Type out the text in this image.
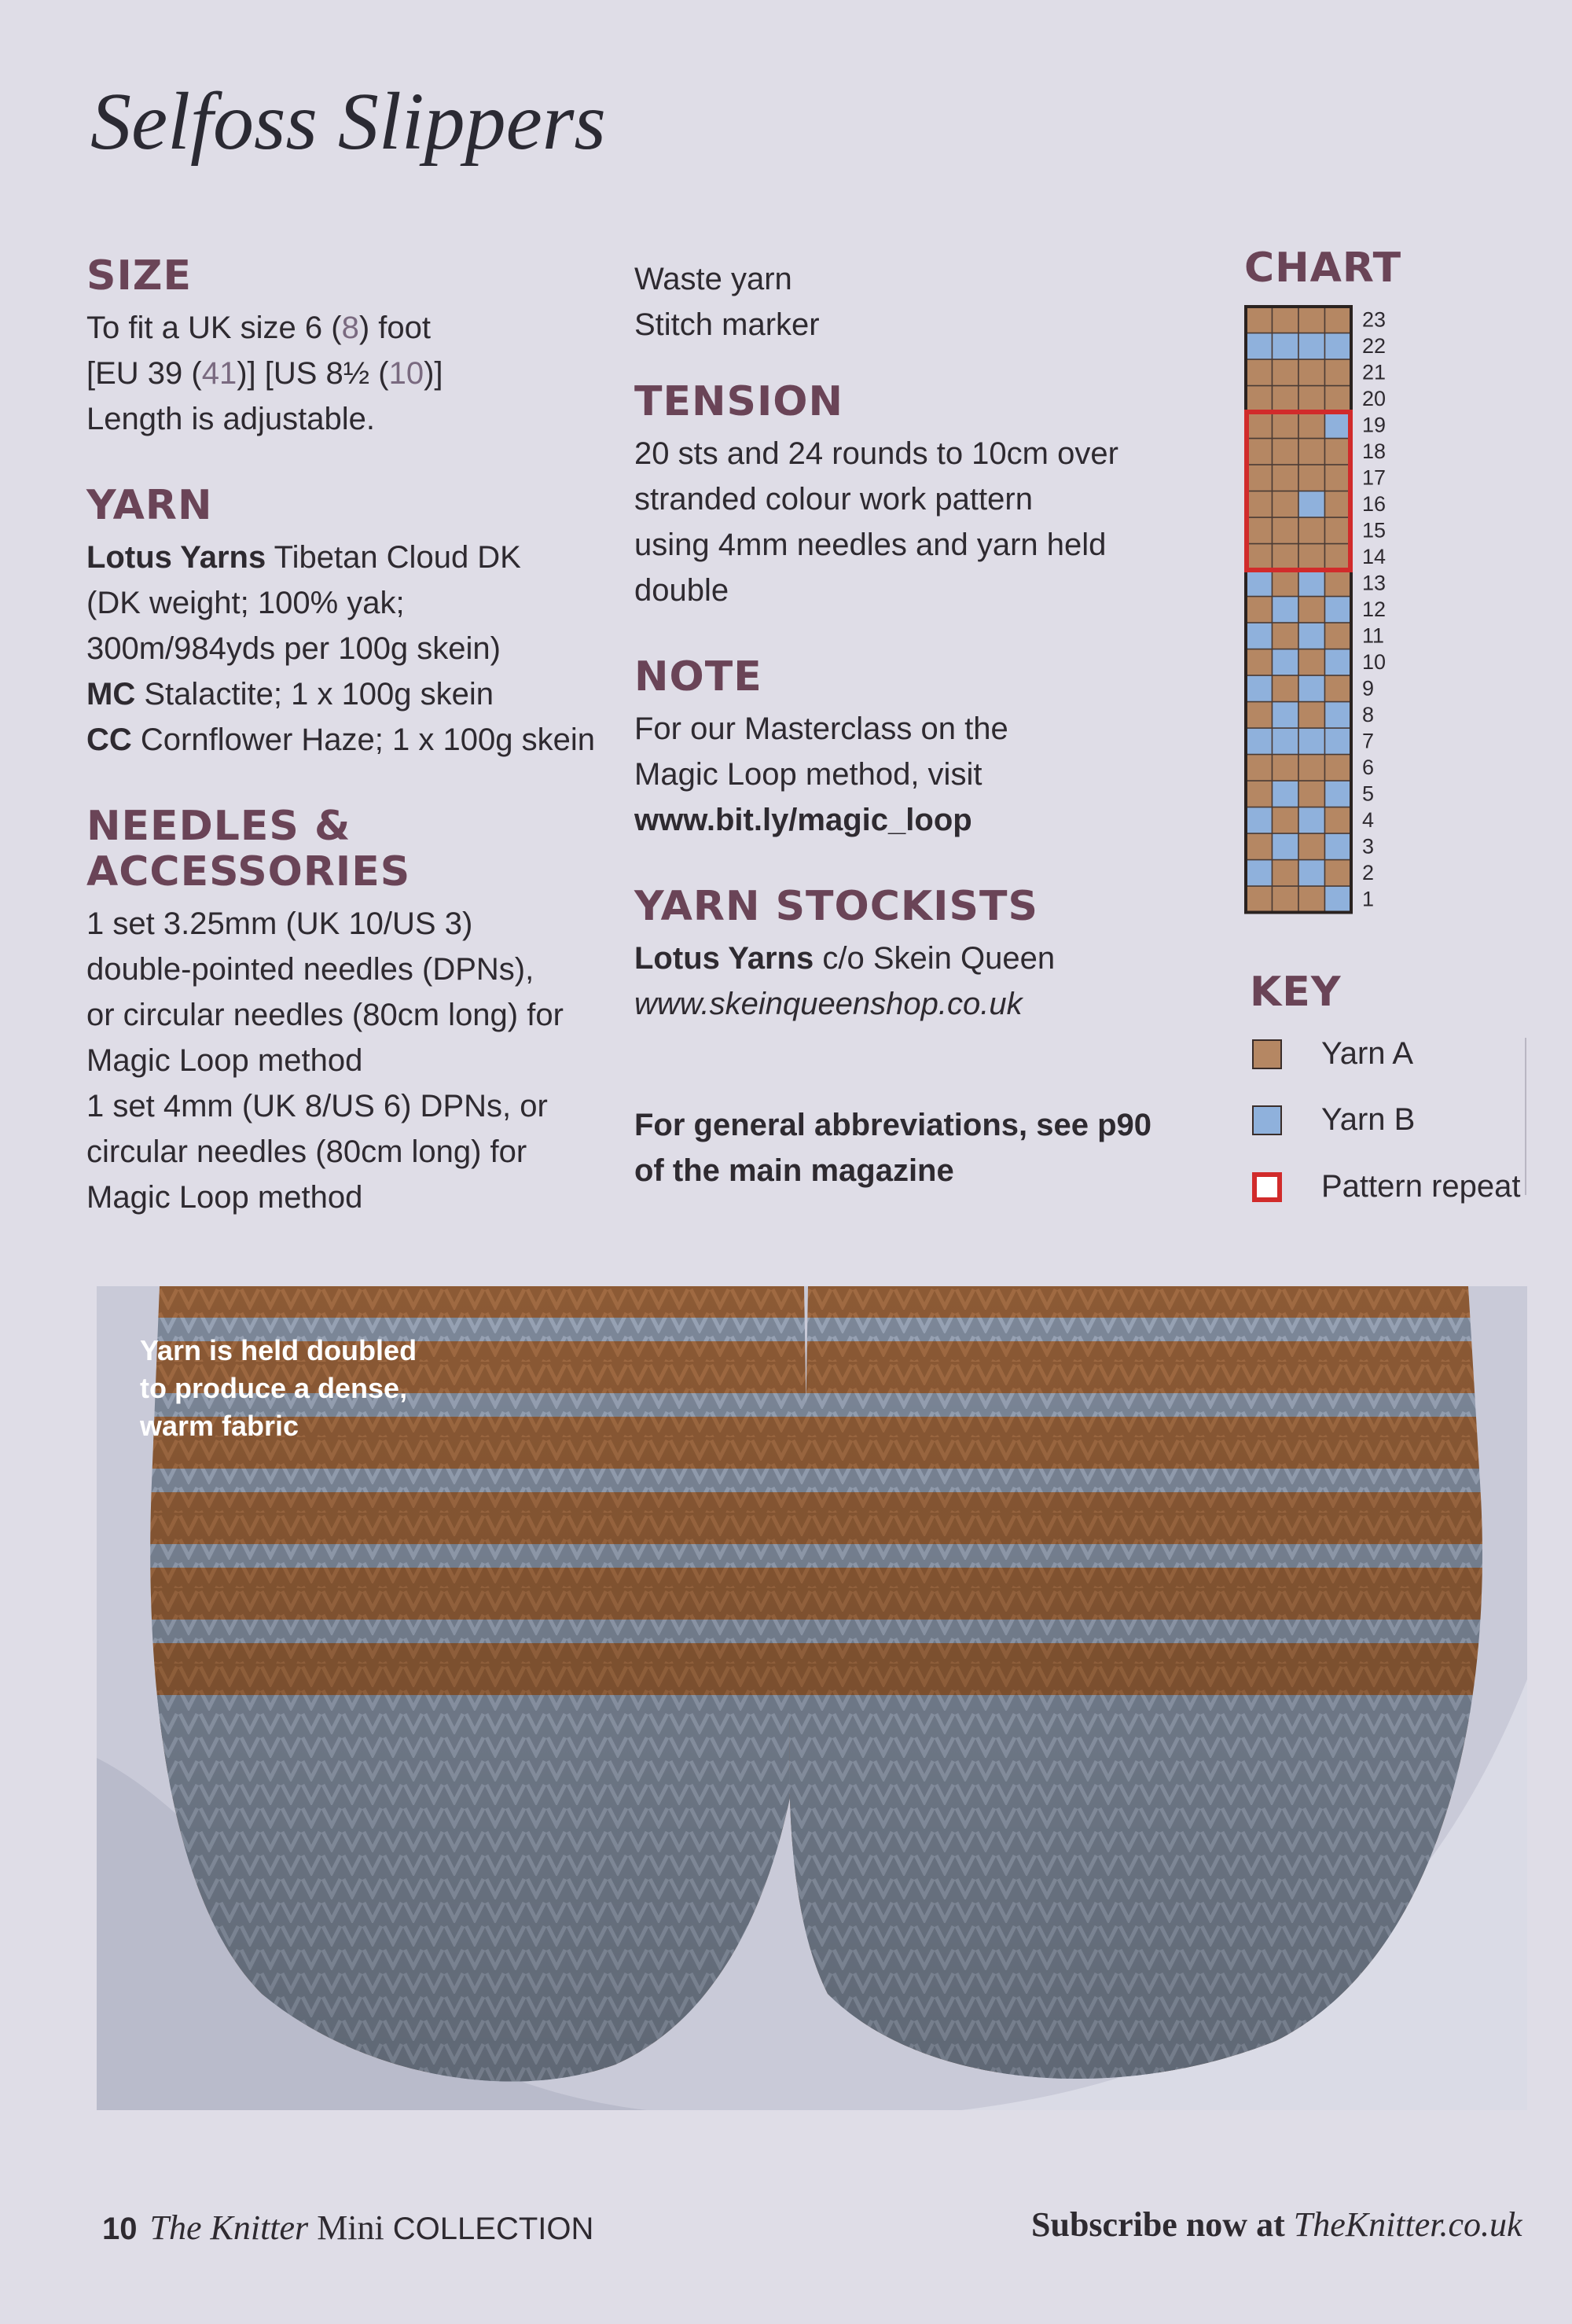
Selfoss Slippers
SIZE

To fit a UK size 6 (8) foot

[EU 39 (41)] [US 8½ (10)]

Length is adjustable.

YARN

Lotus Yarns Tibetan Cloud DK

(DK weight; 100% yak;

300m/984yds per 100g skein)

MC Stalactite; 1 x 100g skein

CC Cornflower Haze; 1 x 100g skein

NEEDLES &
ACCESSORIES

1 set 3.25mm (UK 10/US 3)

double-pointed needles (DPNs),

or circular needles (80cm long) for

Magic Loop method

1 set 4mm (UK 8/US 6) DPNs, or

circular needles (80cm long) for

Magic Loop method

Waste yarn

Stitch marker

TENSION

20 sts and 24 rounds to 10cm over

stranded colour work pattern

using 4mm needles and yarn held

double

NOTE

For our Masterclass on the

Magic Loop method, visit

www.bit.ly/magic_loop

YARN STOCKISTS

Lotus Yarns c/o Skein Queen

www.skeinqueenshop.co.uk

For general abbreviations, see p90

of the main magazine

CHART
1
2
3
4
5
6
7
8
9
10
11
12
13
14
15
16
17
18
19
20
21
22
23
KEY
Yarn A
Yarn B
Pattern repeat

Yarn is held doubled
to produce a dense,
warm fabric

10 The Knitter Mini COLLECTION	Subscribe now at TheKnitter.co.uk
